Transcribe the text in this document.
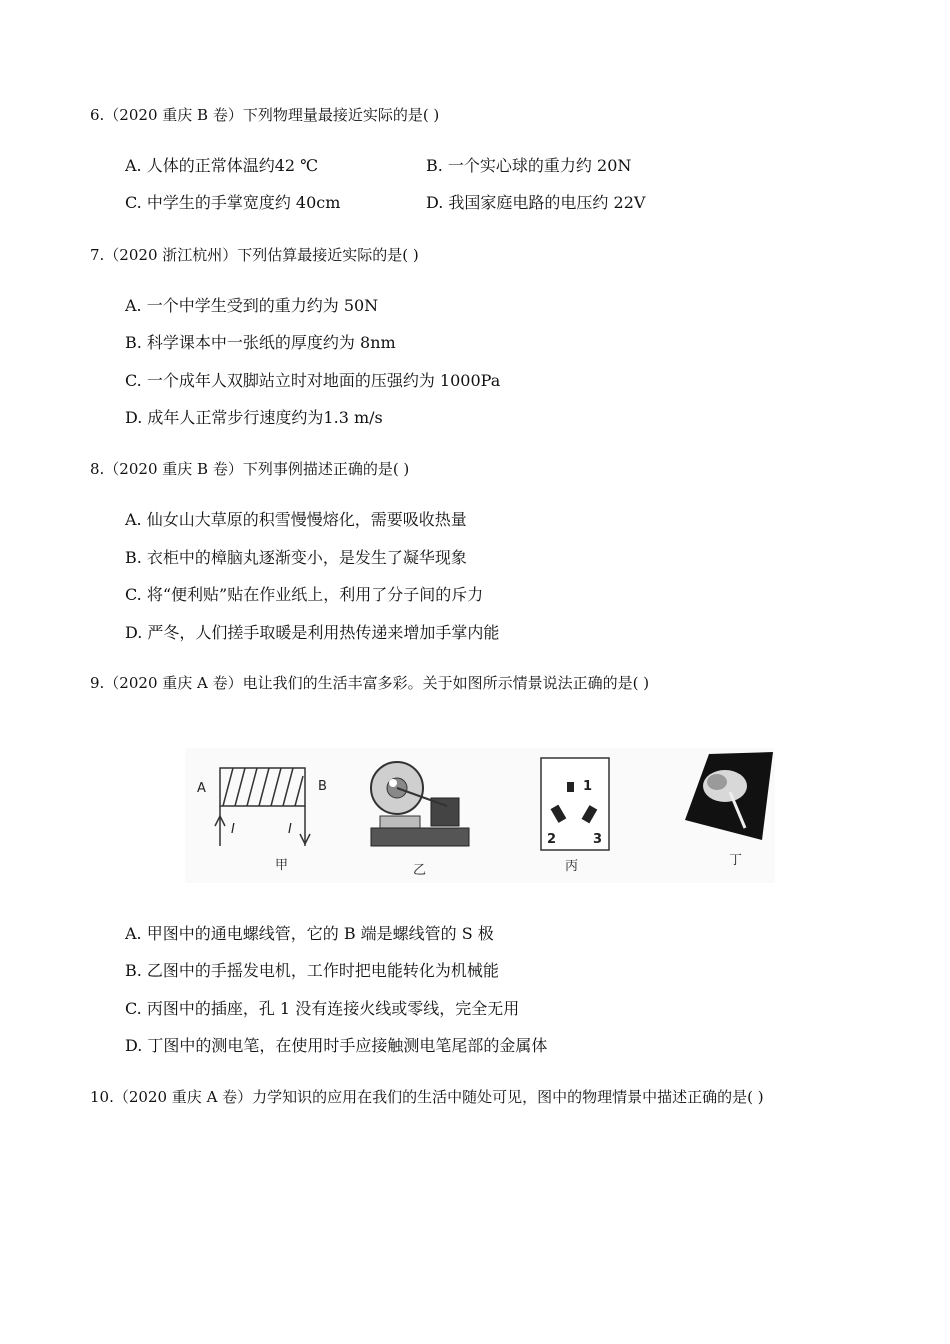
6.（2020 重庆 B 卷）下列物理量最接近实际的是( )
A. 人体的正常体温约42 ℃	B. 一个实心球的重力约 20N
C. 中学生的手掌宽度约 40cm	D. 我国家庭电路的电压约 22V
7.（2020 浙江杭州）下列估算最接近实际的是( )
A. 一个中学生受到的重力约为 50N
B. 科学课本中一张纸的厚度约为 8nm
C. 一个成年人双脚站立时对地面的压强约为 1000Pa
D. 成年人正常步行速度约为1.3 m/s
8.（2020 重庆 B 卷）下列事例描述正确的是( )
A. 仙女山大草原的积雪慢慢熔化，需要吸收热量
B. 衣柜中的樟脑丸逐渐变小，是发生了凝华现象
C. 将“便利贴”贴在作业纸上，利用了分子间的斥力
D. 严冬，人们搓手取暖是利用热传递来增加手掌内能
9.（2020 重庆 A 卷）电让我们的生活丰富多彩。关于如图所示情景说法正确的是( )
A	B
I	I
甲	乙
1
2	3
丙	丁
A. 甲图中的通电螺线管，它的 B 端是螺线管的 S 极
B. 乙图中的手摇发电机，工作时把电能转化为机械能
C. 丙图中的插座，孔 1 没有连接火线或零线，完全无用
D. 丁图中的测电笔，在使用时手应接触测电笔尾部的金属体
10.（2020 重庆 A 卷）力学知识的应用在我们的生活中随处可见，图中的物理情景中描述正确的是( )
